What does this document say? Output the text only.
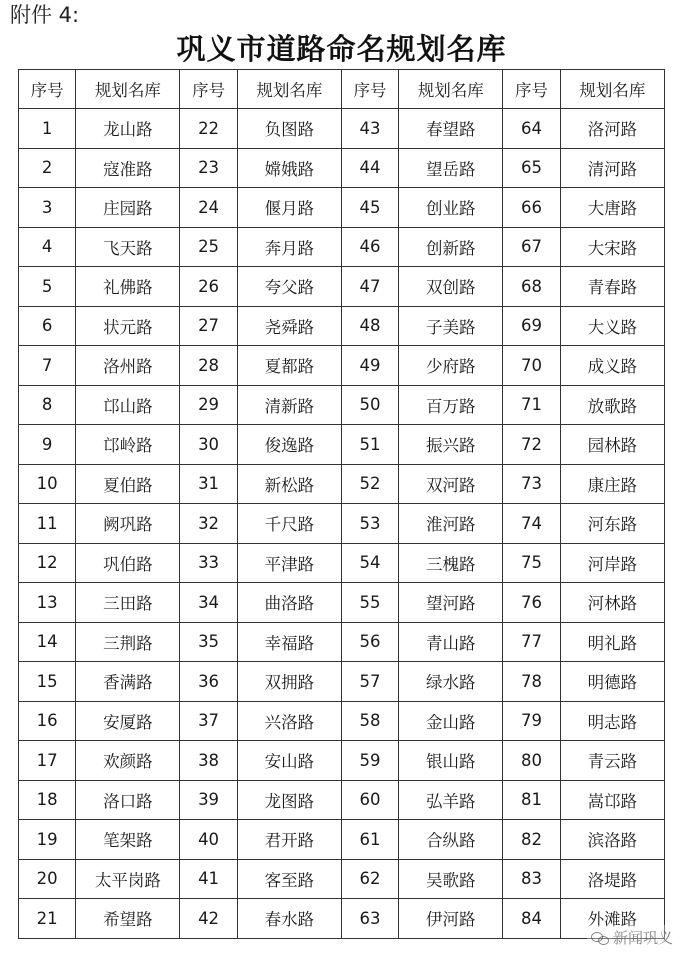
附件 4:
巩义市道路命名规划名库
序号	规划名库	序号	规划名库	序号	规划名库	序号	规划名库
1	龙山路	22	负图路	43	春望路	64	洛河路
2	寇准路	23	嫦娥路	44	望岳路	65	清河路
3	庄园路	24	偃月路	45	创业路	66	大唐路
4	飞天路	25	奔月路	46	创新路	67	大宋路
5	礼佛路	26	夸父路	47	双创路	68	青春路
6	状元路	27	尧舜路	48	子美路	69	大义路
7	洛州路	28	夏都路	49	少府路	70	成义路
8	邙山路	29	清新路	50	百万路	71	放歌路
9	邙岭路	30	俊逸路	51	振兴路	72	园林路
10	夏伯路	31	新松路	52	双河路	73	康庄路
11	阙巩路	32	千尺路	53	淮河路	74	河东路
12	巩伯路	33	平津路	54	三槐路	75	河岸路
13	三田路	34	曲洛路	55	望河路	76	河林路
14	三荆路	35	幸福路	56	青山路	77	明礼路
15	香满路	36	双拥路	57	绿水路	78	明德路
16	安厦路	37	兴洛路	58	金山路	79	明志路
17	欢颜路	38	安山路	59	银山路	80	青云路
18	洛口路	39	龙图路	60	弘羊路	81	嵩邙路
19	笔架路	40	君开路	61	合纵路	82	滨洛路
20	太平岗路	41	客至路	62	吴歌路	83	洛堤路
21	希望路	42	春水路	63	伊河路	84	外滩路
新闻巩义
